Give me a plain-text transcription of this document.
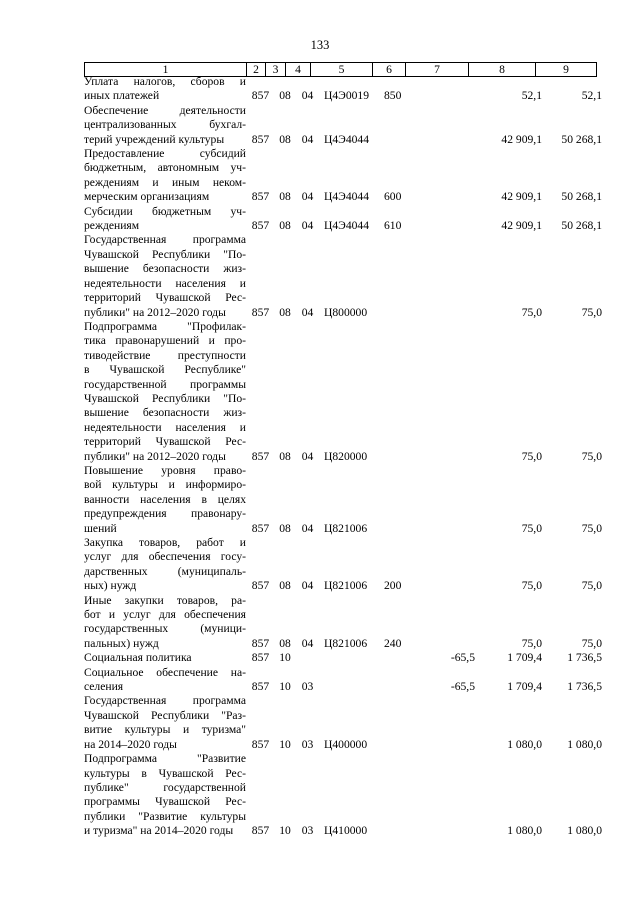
133
1	2	3	4	5	6	7	8	9
Уплата налогов, сборов и
иных платежей	857 08 04 Ц4Э0019	850	52,1	52,1
Обеспечение деятельности
централизованных бухгал-
терий учреждений культуры	857 08 04 Ц4Э4044	42 909,1	50 268,1
Предоставление субсидий
бюджетным, автономным уч-
реждениям и иным неком-
мерческим организациям	857 08 04 Ц4Э4044	600	42 909,1	50 268,1
Субсидии бюджетным уч-
реждениям	857 08 04 Ц4Э4044	610	42 909,1	50 268,1
Государственная программа
Чувашской Республики "По-
вышение безопасности жиз-
недеятельности населения и
территорий Чувашской Рес-
публики" на 2012–2020 годы	857 08 04 Ц800000	75,0	75,0
Подпрограмма "Профилак-
тика правонарушений и про-
тиводействие преступности
в Чувашской Республике"
государственной программы
Чувашской Республики "По-
вышение безопасности жиз-
недеятельности населения и
территорий Чувашской Рес-
публики" на 2012–2020 годы	857 08 04 Ц820000	75,0	75,0
Повышение уровня право-
вой культуры и информиро-
ванности населения в целях
предупреждения правонару-
шений	857 08 04 Ц821006	75,0	75,0
Закупка товаров, работ и
услуг для обеспечения госу-
дарственных (муниципаль-
ных) нужд	857 08 04 Ц821006	200	75,0	75,0
Иные закупки товаров, ра-
бот и услуг для обеспечения
государственных (муници-
пальных) нужд	857 08 04 Ц821006	240	75,0	75,0
Социальная политика	857 10	-65,5	1 709,4	1 736,5
Социальное обеспечение на-
селения	857 10 03	-65,5	1 709,4	1 736,5
Государственная программа
Чувашской Республики "Раз-
витие культуры и туризма"
на 2014–2020 годы	857 10 03 Ц400000	1 080,0	1 080,0
Подпрограмма "Развитие
культуры в Чувашской Рес-
публике" государственной
программы Чувашской Рес-
публики "Развитие культуры
и туризма" на 2014–2020 годы	857 10 03 Ц410000	1 080,0	1 080,0
